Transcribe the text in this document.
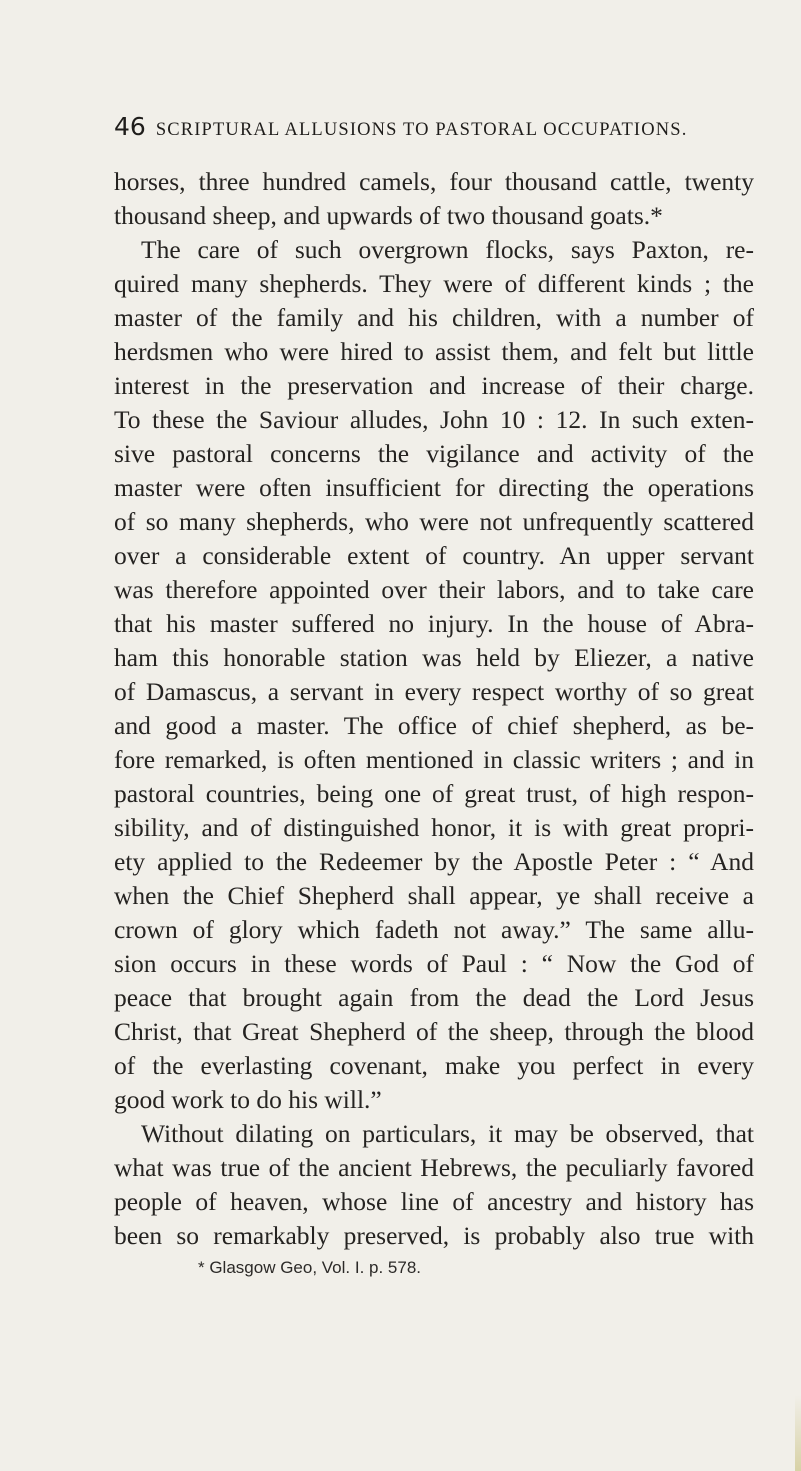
46 SCRIPTURAL ALLUSIONS TO PASTORAL OCCUPATIONS.
horses, three hundred camels, four thousand cattle, twenty
thousand sheep, and upwards of two thousand goats.*
The care of such overgrown flocks, says Paxton, re-
quired many shepherds. They were of different kinds ; the
master of the family and his children, with a number of
herdsmen who were hired to assist them, and felt but little
interest in the preservation and increase of their charge.
To these the Saviour alludes, John 10 : 12. In such exten-
sive pastoral concerns the vigilance and activity of the
master were often insufficient for directing the operations
of so many shepherds, who were not unfrequently scattered
over a considerable extent of country. An upper servant
was therefore appointed over their labors, and to take care
that his master suffered no injury. In the house of Abra-
ham this honorable station was held by Eliezer, a native
of Damascus, a servant in every respect worthy of so great
and good a master. The office of chief shepherd, as be-
fore remarked, is often mentioned in classic writers ; and in
pastoral countries, being one of great trust, of high respon-
sibility, and of distinguished honor, it is with great propri-
ety applied to the Redeemer by the Apostle Peter : “ And
when the Chief Shepherd shall appear, ye shall receive a
crown of glory which fadeth not away.” The same allu-
sion occurs in these words of Paul : “ Now the God of
peace that brought again from the dead the Lord Jesus
Christ, that Great Shepherd of the sheep, through the blood
of the everlasting covenant, make you perfect in every
good work to do his will.”
Without dilating on particulars, it may be observed, that
what was true of the ancient Hebrews, the peculiarly favored
people of heaven, whose line of ancestry and history has
been so remarkably preserved, is probably also true with
* Glasgow Geo, Vol. I. p. 578.
